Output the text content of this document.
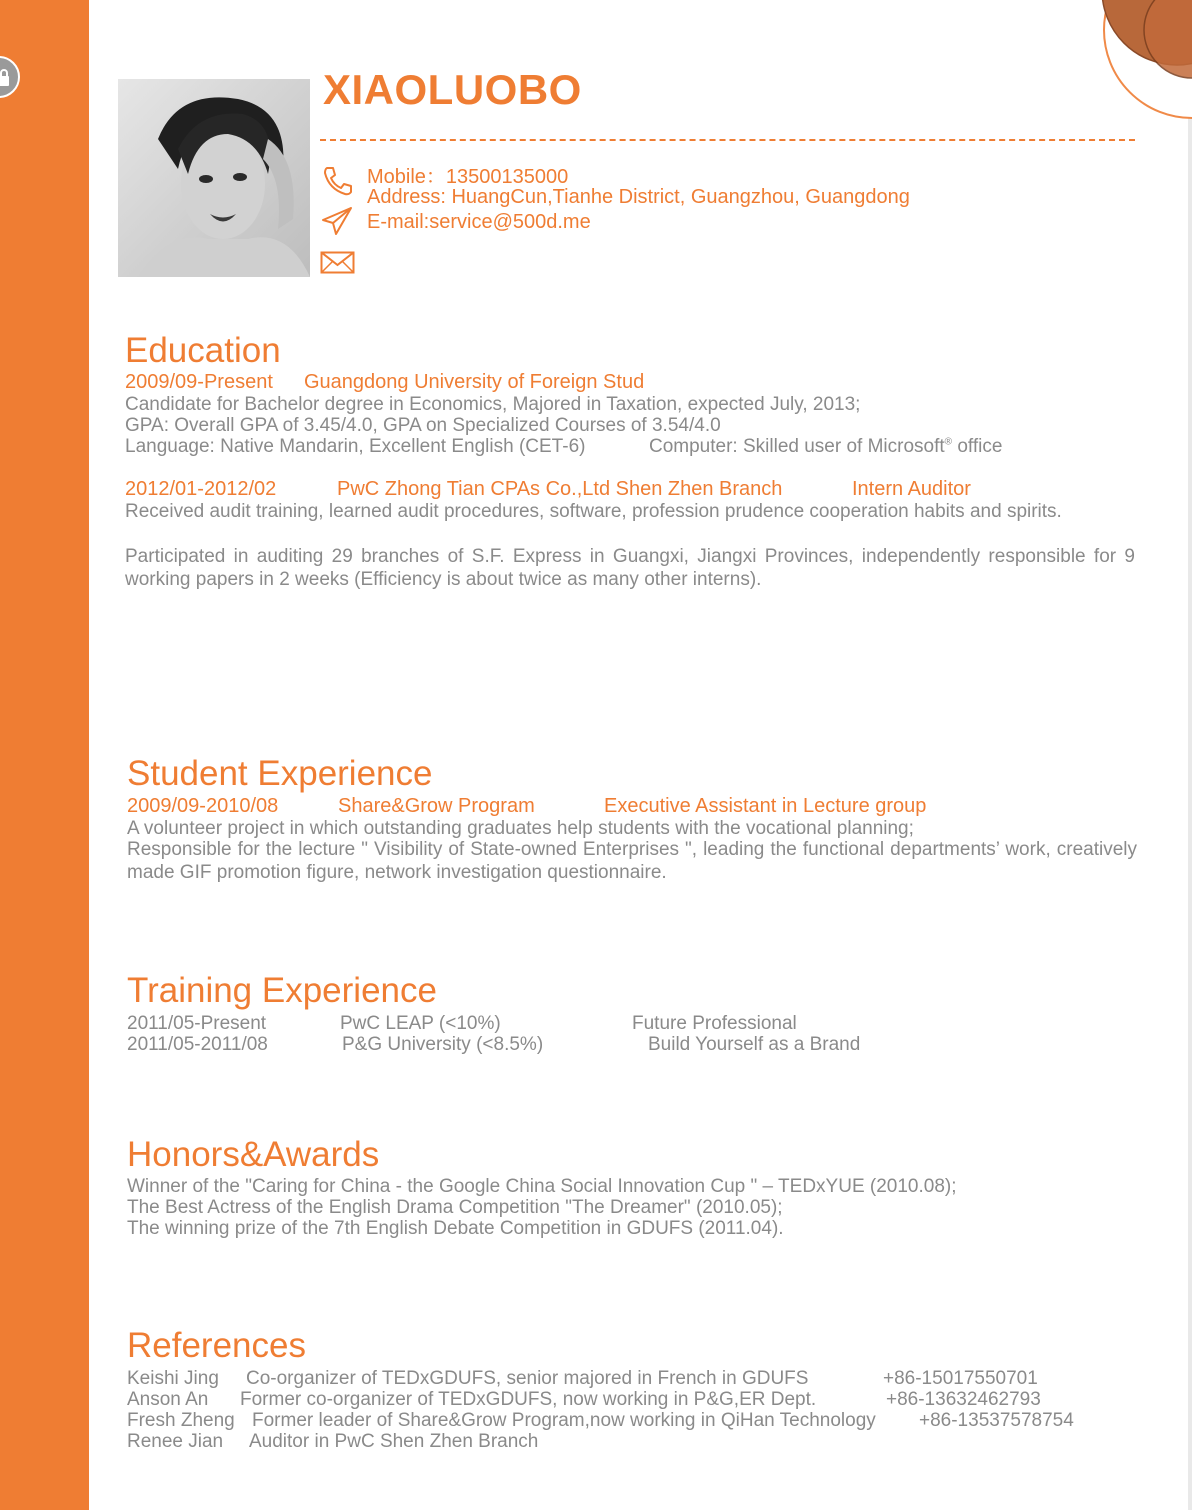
XIAOLUOBO
Mobile：13500135000
Address: HuangCun,Tianhe District, Guangzhou, Guangdong
E-mail:service@500d.me
Education
2009/09-Present Guangdong University of Foreign Stud
Candidate for Bachelor degree in Economics, Majored in Taxation, expected July, 2013;
GPA: Overall GPA of 3.45/4.0, GPA on Specialized Courses of 3.54/4.0
Language: Native Mandarin, Excellent English (CET-6)	Computer: Skilled user of Microsoft® office
2012/01-2012/02	PwC Zhong Tian CPAs Co.,Ltd Shen Zhen Branch	Intern Auditor
Received audit training, learned audit procedures, software, profession prudence cooperation habits and spirits.
Participated in auditing 29 branches of S.F. Express in Guangxi, Jiangxi Provinces, independently responsible for 9 working papers in 2 weeks (Efficiency is about twice as many other interns).
Student Experience
2009/09-2010/08	Share&Grow Program	Executive Assistant in Lecture group
A volunteer project in which outstanding graduates help students with the vocational planning;
Responsible for the lecture " Visibility of State-owned Enterprises ", leading the functional departments’ work, creatively made GIF promotion figure, network investigation questionnaire.
Training Experience
2011/05-Present	PwC LEAP (<10%)	Future Professional
2011/05-2011/08	P&G University (<8.5%)	Build Yourself as a Brand
Honors&Awards
Winner of the "Caring for China - the Google China Social Innovation Cup " – TEDxYUE (2010.08);
The Best Actress of the English Drama Competition "The Dreamer" (2010.05);
The winning prize of the 7th English Debate Competition in GDUFS (2011.04).
References
Keishi Jing Co-organizer of TEDxGDUFS, senior majored in French in GDUFS	+86-15017550701
Anson An Former co-organizer of TEDxGDUFS, now working in P&G,ER Dept.	+86-13632462793
Fresh Zheng Former leader of Share&Grow Program,now working in QiHan Technology +86-13537578754
Renee Jian Auditor in PwC Shen Zhen Branch
